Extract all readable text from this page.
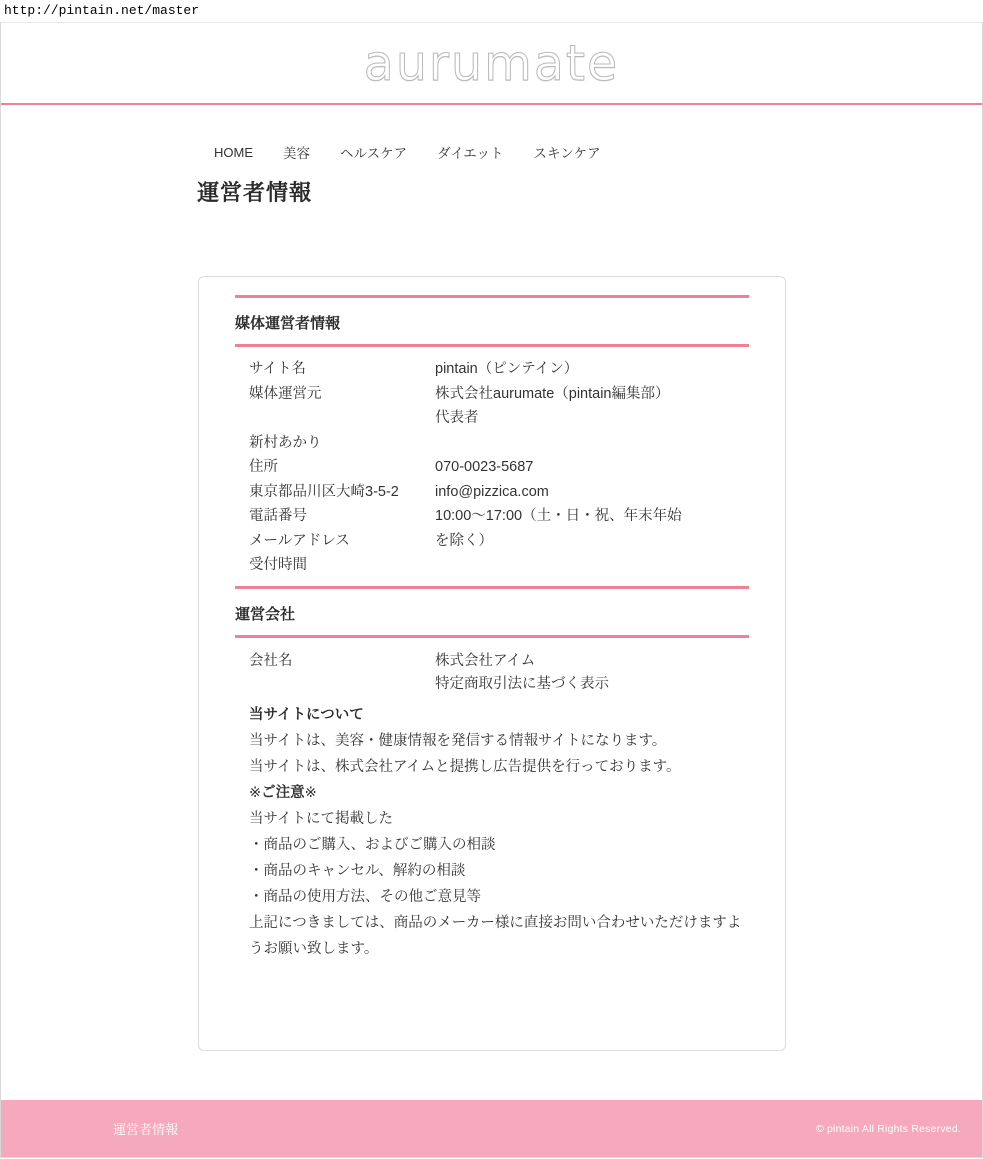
http://pintain.net/master
aurumate
HOME 美容 ヘルスケア ダイエット スキンケア
運営者情報
媒体運営者情報
サイト名	pintain（ピンテイン）
媒体運営元	株式会社aurumate（pintain編集部）
代表者
新村あかり
住所	070-0023-5687
東京都品川区大崎3-5-2	info@pizzica.com
電話番号	10:00〜17:00（土・日・祝、年末年始
メールアドレス	を除く）
受付時間
運営会社
会社名	株式会社アイム
特定商取引法に基づく表示

当サイトについて

当サイトは、美容・健康情報を発信する情報サイトになります。

当サイトは、株式会社アイムと提携し広告提供を行っております。

※ご注意※

当サイトにて掲載した

・商品のご購入、およびご購入の相談

・商品のキャンセル、解約の相談

・商品の使用方法、その他ご意見等

上記につきましては、商品のメーカー様に直接お問い合わせいただけますようお願い致します。

運営者情報	© pintain All Rights Reserved.
